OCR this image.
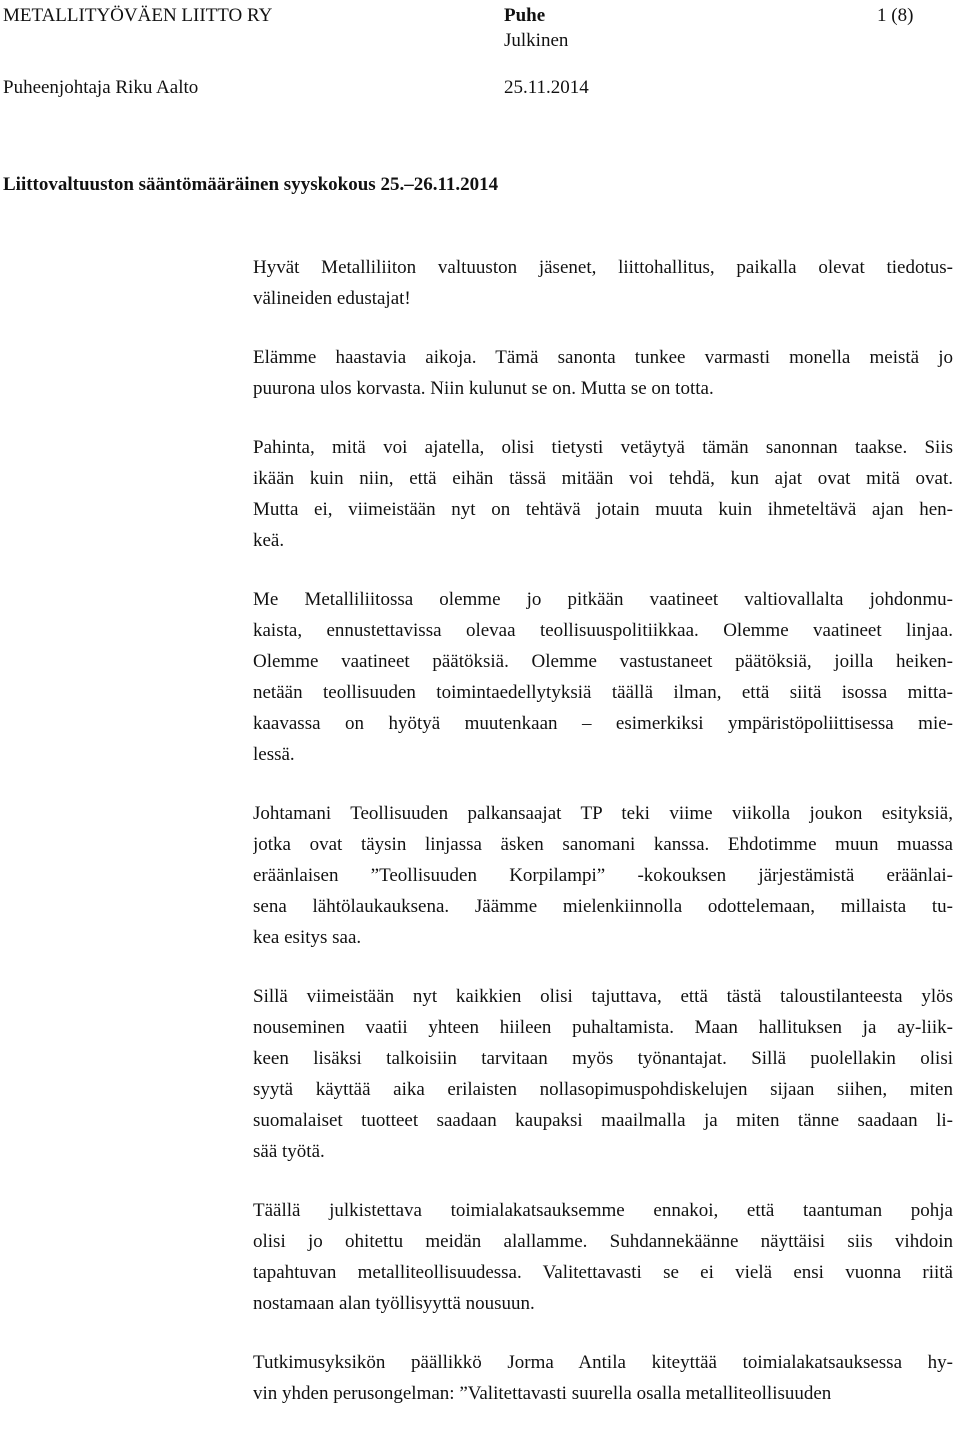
METALLITYÖVÄEN LIITTO RY	Puhe	1 (8)
Julkinen
Puheenjohtaja Riku Aalto	25.11.2014
Liittovaltuuston sääntömääräinen syyskokous 25.–26.11.2014
Hyvät Metalliliiton valtuuston jäsenet, liittohallitus, paikalla olevat tiedotus-
välineiden edustajat!
Elämme haastavia aikoja. Tämä sanonta tunkee varmasti monella meistä jo
puurona ulos korvasta. Niin kulunut se on. Mutta se on totta.
Pahinta, mitä voi ajatella, olisi tietysti vetäytyä tämän sanonnan taakse. Siis
ikään kuin niin, että eihän tässä mitään voi tehdä, kun ajat ovat mitä ovat.
Mutta ei, viimeistään nyt on tehtävä jotain muuta kuin ihmeteltävä ajan hen-
keä.
Me Metalliliitossa olemme jo pitkään vaatineet valtiovallalta johdonmu-
kaista, ennustettavissa olevaa teollisuuspolitiikkaa. Olemme vaatineet linjaa.
Olemme vaatineet päätöksiä. Olemme vastustaneet päätöksiä, joilla heiken-
netään teollisuuden toimintaedellytyksiä täällä ilman, että siitä isossa mitta-
kaavassa on hyötyä muutenkaan – esimerkiksi ympäristöpoliittisessa mie-
lessä.
Johtamani Teollisuuden palkansaajat TP teki viime viikolla joukon esityksiä,
jotka ovat täysin linjassa äsken sanomani kanssa. Ehdotimme muun muassa
eräänlaisen ”Teollisuuden Korpilampi” -kokouksen järjestämistä eräänlai-
sena lähtölaukauksena. Jäämme mielenkiinnolla odottelemaan, millaista tu-
kea esitys saa.
Sillä viimeistään nyt kaikkien olisi tajuttava, että tästä taloustilanteesta ylös
nouseminen vaatii yhteen hiileen puhaltamista. Maan hallituksen ja ay-liik-
keen lisäksi talkoisiin tarvitaan myös työnantajat. Sillä puolellakin olisi
syytä käyttää aika erilaisten nollasopimuspohdiskelujen sijaan siihen, miten
suomalaiset tuotteet saadaan kaupaksi maailmalla ja miten tänne saadaan li-
sää työtä.
Täällä julkistettava toimialakatsauksemme ennakoi, että taantuman pohja
olisi jo ohitettu meidän alallamme. Suhdannekäänne näyttäisi siis vihdoin
tapahtuvan metalliteollisuudessa. Valitettavasti se ei vielä ensi vuonna riitä
nostamaan alan työllisyyttä nousuun.
Tutkimusyksikön päällikkö Jorma Antila kiteyttää toimialakatsauksessa hy-
vin yhden perusongelman: ”Valitettavasti suurella osalla metalliteollisuuden
